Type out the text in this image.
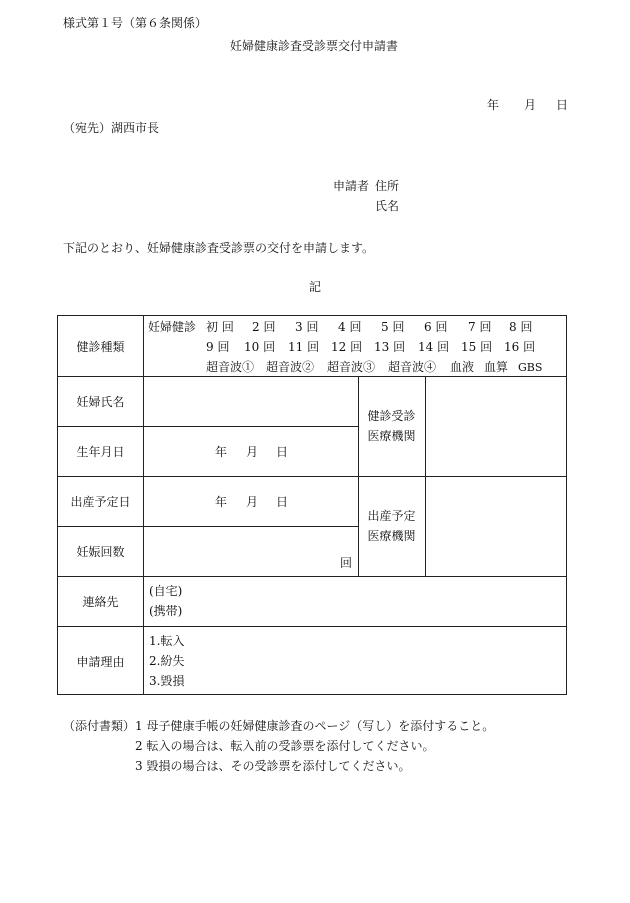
様式第１号（第６条関係）
妊婦健康診査受診票交付申請書
年 月 日
（宛先）湖西市長
申請者 住所
氏名
下記のとおり、妊婦健康診査受診票の交付を申請します。
記
健診種類
妊婦健診 初 回 2 回 3 回 4 回 5 回 6 回 7 回 8 回
9 回 10 回 11 回 12 回 13 回 14 回 15 回 16 回
超音波① 超音波② 超音波③ 超音波④ 血液 血算 GBS
妊婦氏名
健診受診
医療機関
生年月日	年 月 日
出産予定日	年 月 日
出産予定
医療機関
妊娠回数
回
連絡先
(自宅)
(携帯)
申請理由
1.転入
2.紛失
3.毀損
（添付書類） 1 母子健康手帳の妊婦健康診査のページ（写し）を添付すること。
2 転入の場合は、転入前の受診票を添付してください。
3 毀損の場合は、その受診票を添付してください。
